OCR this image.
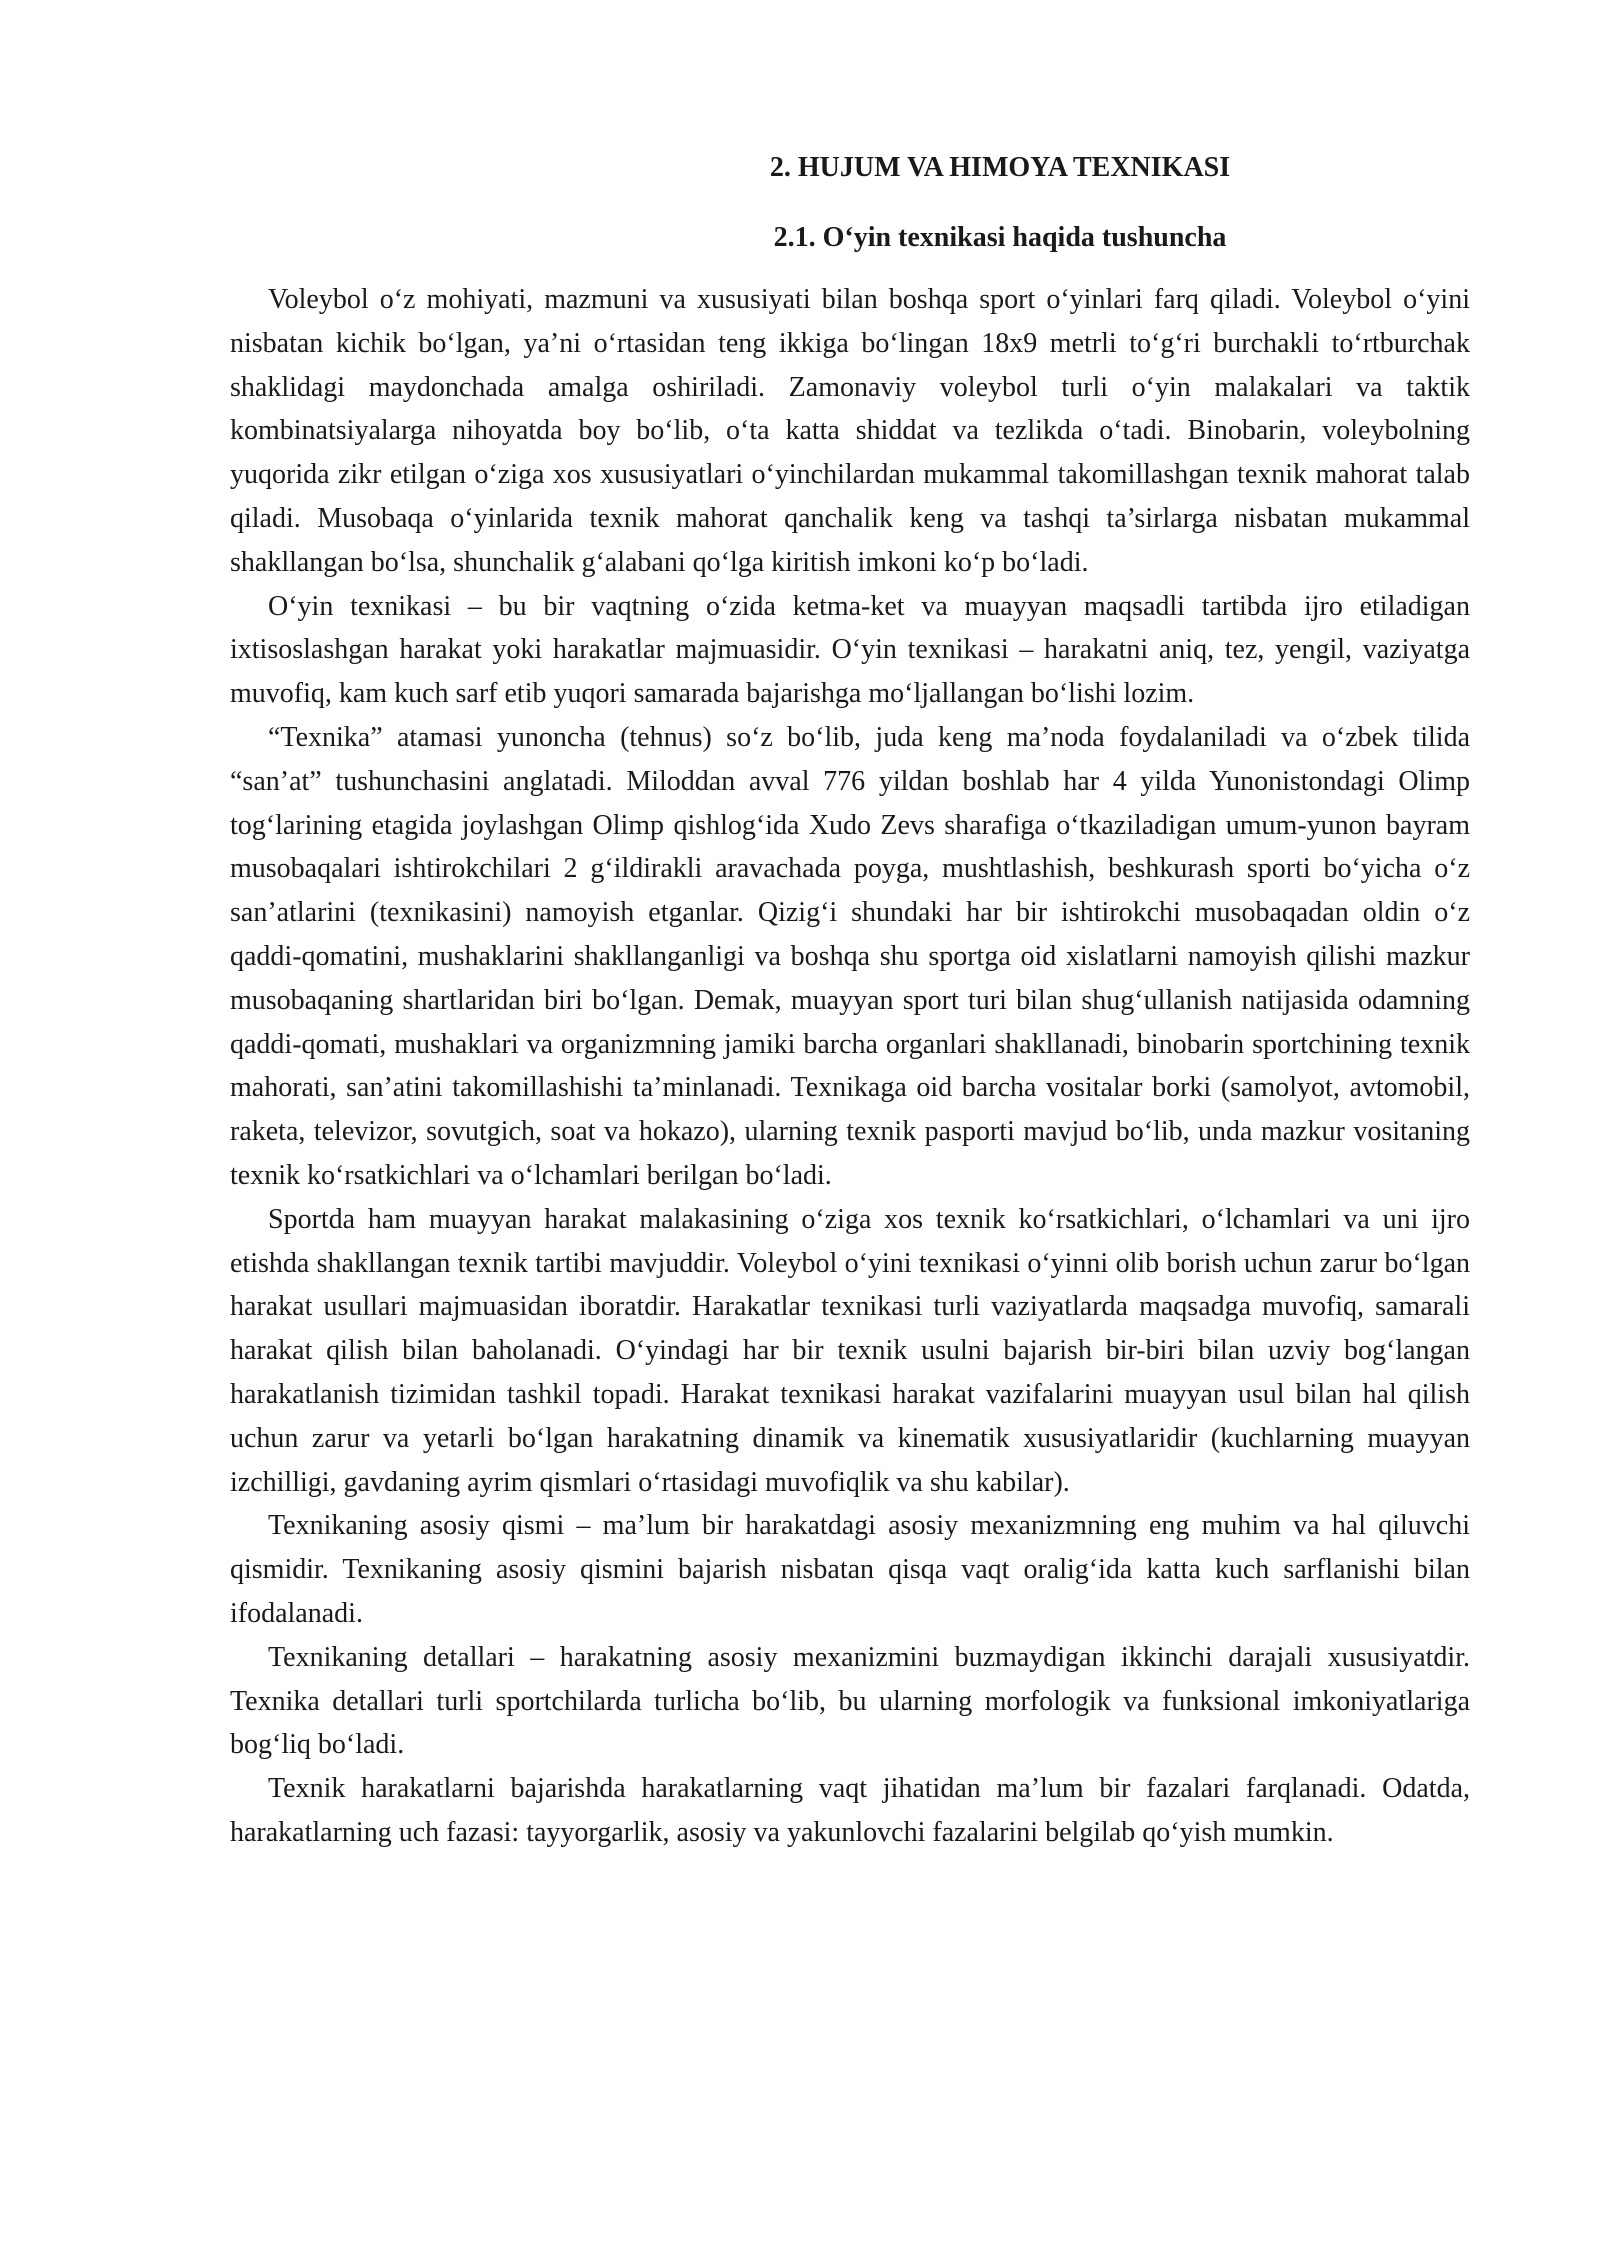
2. HUJUM VA HIMOYA TEXNIKASI
2.1. O‘yin texnikasi haqida tushuncha

Voleybol o‘z mohiyati, mazmuni va xususiyati bilan boshqa sport o‘yinlari farq qiladi. Voleybol o‘yini nisbatan kichik bo‘lgan, ya’ni o‘rtasidan teng ikkiga bo‘lingan 18x9 metrli to‘g‘ri burchakli to‘rtburchak shaklidagi maydonchada amalga oshiriladi. Zamonaviy voleybol turli o‘yin malakalari va taktik kombinatsiyalarga nihoyatda boy bo‘lib, o‘ta katta shiddat va tezlikda o‘tadi. Binobarin, voleybolning yuqorida zikr etilgan o‘ziga xos xususiyatlari o‘yinchilardan mukammal takomillashgan texnik mahorat talab qiladi. Musobaqa o‘yinlarida texnik mahorat qanchalik keng va tashqi ta’sirlarga nisbatan mukammal shakllangan bo‘lsa, shunchalik g‘alabani qo‘lga kiritish imkoni ko‘p bo‘ladi.

O‘yin texnikasi – bu bir vaqtning o‘zida ketma-ket va muayyan maqsadli tartibda ijro etiladigan ixtisoslashgan harakat yoki harakatlar majmuasidir. O‘yin texnikasi – harakatni aniq, tez, yengil, vaziyatga muvofiq, kam kuch sarf etib yuqori samarada bajarishga mo‘ljallangan bo‘lishi lozim.

“Texnika” atamasi yunoncha (tehnus) so‘z bo‘lib, juda keng ma’noda foydalaniladi va o‘zbek tilida “san’at” tushunchasini anglatadi. Miloddan avval 776 yildan boshlab har 4 yilda Yunonistondagi Olimp tog‘larining etagida joylashgan Olimp qishlog‘ida Xudo Zevs sharafiga o‘tkaziladigan umum-yunon bayram musobaqalari ishtirokchilari 2 g‘ildirakli aravachada poyga, mushtlashish, beshkurash sporti bo‘yicha o‘z san’atlarini (texnikasini) namoyish etganlar. Qizig‘i shundaki har bir ishtirokchi musobaqadan oldin o‘z qaddi-qomatini, mushaklarini shakllanganligi va boshqa shu sportga oid xislatlarni namoyish qilishi mazkur musobaqaning shartlaridan biri bo‘lgan. Demak, muayyan sport turi bilan shug‘ullanish natijasida odamning qaddi-qomati, mushaklari va organizmning jamiki barcha organlari shakllanadi, binobarin sportchining texnik mahorati, san’atini takomillashishi ta’minlanadi. Texnikaga oid barcha vositalar borki (samolyot, avtomobil, raketa, televizor, sovutgich, soat va hokazo), ularning texnik pasporti mavjud bo‘lib, unda mazkur vositaning texnik ko‘rsatkichlari va o‘lchamlari berilgan bo‘ladi.

Sportda ham muayyan harakat malakasining o‘ziga xos texnik ko‘rsatkichlari, o‘lchamlari va uni ijro etishda shakllangan texnik tartibi mavjuddir. Voleybol o‘yini texnikasi o‘yinni olib borish uchun zarur bo‘lgan harakat usullari majmuasidan iboratdir. Harakatlar texnikasi turli vaziyatlarda maqsadga muvofiq, samarali harakat qilish bilan baholanadi. O‘yindagi har bir texnik usulni bajarish bir-biri bilan uzviy bog‘langan harakatlanish tizimidan tashkil topadi. Harakat texnikasi harakat vazifalarini muayyan usul bilan hal qilish uchun zarur va yetarli bo‘lgan harakatning dinamik va kinematik xususiyatlaridir (kuchlarning muayyan izchilligi, gavdaning ayrim qismlari o‘rtasidagi muvofiqlik va shu kabilar).

Texnikaning asosiy qismi – ma’lum bir harakatdagi asosiy mexanizmning eng muhim va hal qiluvchi qismidir. Texnikaning asosiy qismini bajarish nisbatan qisqa vaqt oralig‘ida katta kuch sarflanishi bilan ifodalanadi.

Texnikaning detallari – harakatning asosiy mexanizmini buzmaydigan ikkinchi darajali xususiyatdir. Texnika detallari turli sportchilarda turlicha bo‘lib, bu ularning morfologik va funksional imkoniyatlariga bog‘liq bo‘ladi.

Texnik harakatlarni bajarishda harakatlarning vaqt jihatidan ma’lum bir fazalari farqlanadi. Odatda, harakatlarning uch fazasi: tayyorgarlik, asosiy va yakunlovchi fazalarini belgilab qo‘yish mumkin.
